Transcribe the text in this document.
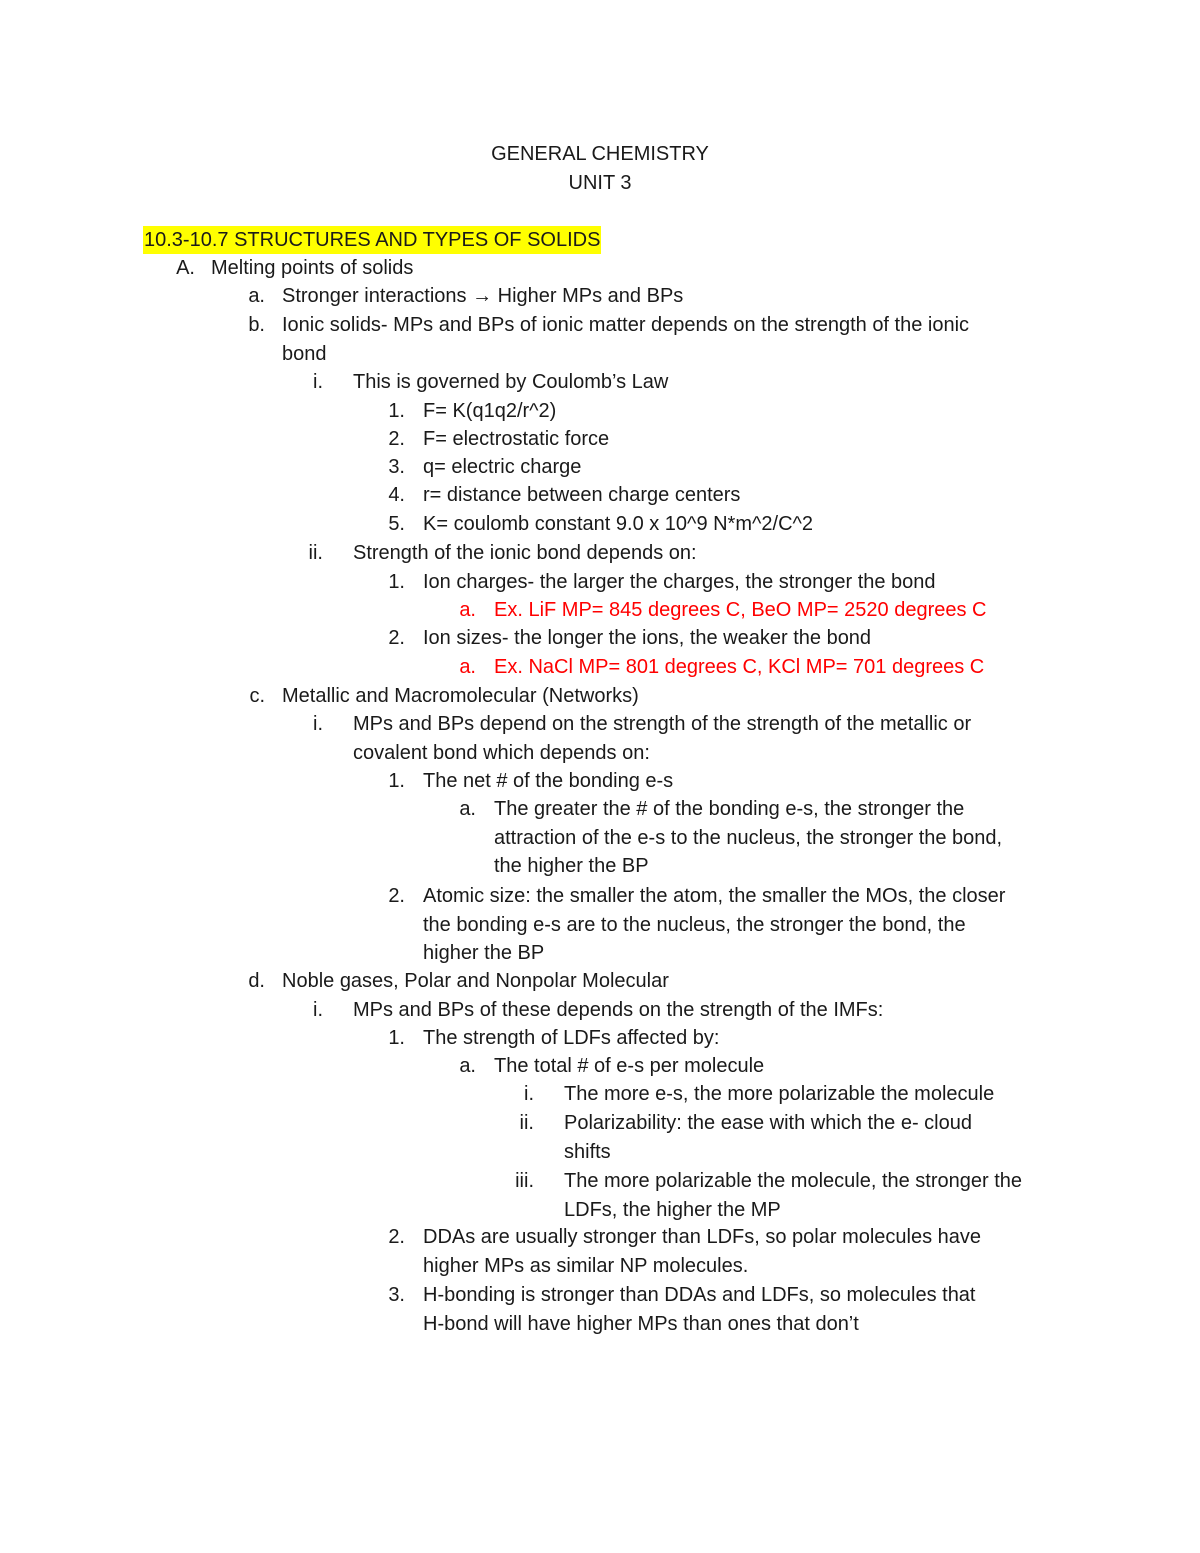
GENERAL CHEMISTRY
UNIT 3
10.3-10.7 STRUCTURES AND TYPES OF SOLIDS
A. Melting points of solids
a. Stronger interactions → Higher MPs and BPs
b. Ionic solids- MPs and BPs of ionic matter depends on the strength of the ionic
bond
i. This is governed by Coulomb’s Law
1. F= K(q1q2/r^2)
2. F= electrostatic force
3. q= electric charge
4. r= distance between charge centers
5. K= coulomb constant 9.0 x 10^9 N*m^2/C^2
ii. Strength of the ionic bond depends on:
1. Ion charges- the larger the charges, the stronger the bond
a. Ex. LiF MP= 845 degrees C, BeO MP= 2520 degrees C
2. Ion sizes- the longer the ions, the weaker the bond
a. Ex. NaCl MP= 801 degrees C, KCl MP= 701 degrees C
c. Metallic and Macromolecular (Networks)
i. MPs and BPs depend on the strength of the strength of the metallic or
covalent bond which depends on:
1. The net # of the bonding e-s
a. The greater the # of the bonding e-s, the stronger the
attraction of the e-s to the nucleus, the stronger the bond,
the higher the BP
2. Atomic size: the smaller the atom, the smaller the MOs, the closer
the bonding e-s are to the nucleus, the stronger the bond, the
higher the BP
d. Noble gases, Polar and Nonpolar Molecular
i. MPs and BPs of these depends on the strength of the IMFs:
1. The strength of LDFs affected by:
a. The total # of e-s per molecule
i. The more e-s, the more polarizable the molecule
ii. Polarizability: the ease with which the e- cloud
shifts
iii. The more polarizable the molecule, the stronger the
LDFs, the higher the MP
2. DDAs are usually stronger than LDFs, so polar molecules have
higher MPs as similar NP molecules.
3. H-bonding is stronger than DDAs and LDFs, so molecules that
H-bond will have higher MPs than ones that don’t
